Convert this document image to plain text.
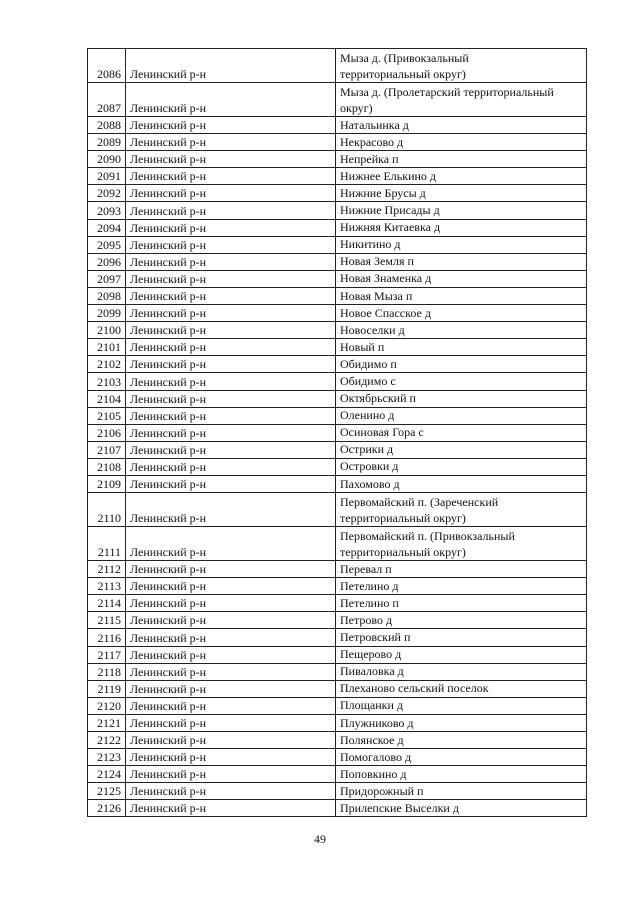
2086	Ленинский р-н	Мыза д. (Привокзальный
территориальный округ)
2087	Ленинский р-н	Мыза д. (Пролетарский территориальный
округ)
2088	Ленинский р-н	Натальинка д
2089	Ленинский р-н	Некрасово д
2090	Ленинский р-н	Непрейка п
2091	Ленинский р-н	Нижнее Елькино д
2092	Ленинский р-н	Нижние Брусы д
2093	Ленинский р-н	Нижние Присады д
2094	Ленинский р-н	Нижняя Китаевка д
2095	Ленинский р-н	Никитино д
2096	Ленинский р-н	Новая Земля п
2097	Ленинский р-н	Новая Знаменка д
2098	Ленинский р-н	Новая Мыза п
2099	Ленинский р-н	Новое Спасское д
2100	Ленинский р-н	Новоселки д
2101	Ленинский р-н	Новый п
2102	Ленинский р-н	Обидимо п
2103	Ленинский р-н	Обидимо с
2104	Ленинский р-н	Октябрьский п
2105	Ленинский р-н	Оленино д
2106	Ленинский р-н	Осиновая Гора с
2107	Ленинский р-н	Острики д
2108	Ленинский р-н	Островки д
2109	Ленинский р-н	Пахомово д
2110	Ленинский р-н	Первомайский п. (Зареченский
территориальный округ)
2111	Ленинский р-н	Первомайский п. (Привокзальный
территориальный округ)
2112	Ленинский р-н	Перевал п
2113	Ленинский р-н	Петелино д
2114	Ленинский р-н	Петелино п
2115	Ленинский р-н	Петрово д
2116	Ленинский р-н	Петровский п
2117	Ленинский р-н	Пещерово д
2118	Ленинский р-н	Пиваловка д
2119	Ленинский р-н	Плеханово сельский поселок
2120	Ленинский р-н	Площанки д
2121	Ленинский р-н	Плужниково д
2122	Ленинский р-н	Полянское д
2123	Ленинский р-н	Помогалово д
2124	Ленинский р-н	Поповкино д
2125	Ленинский р-н	Придорожный п
2126	Ленинский р-н	Прилепские Выселки д
49
